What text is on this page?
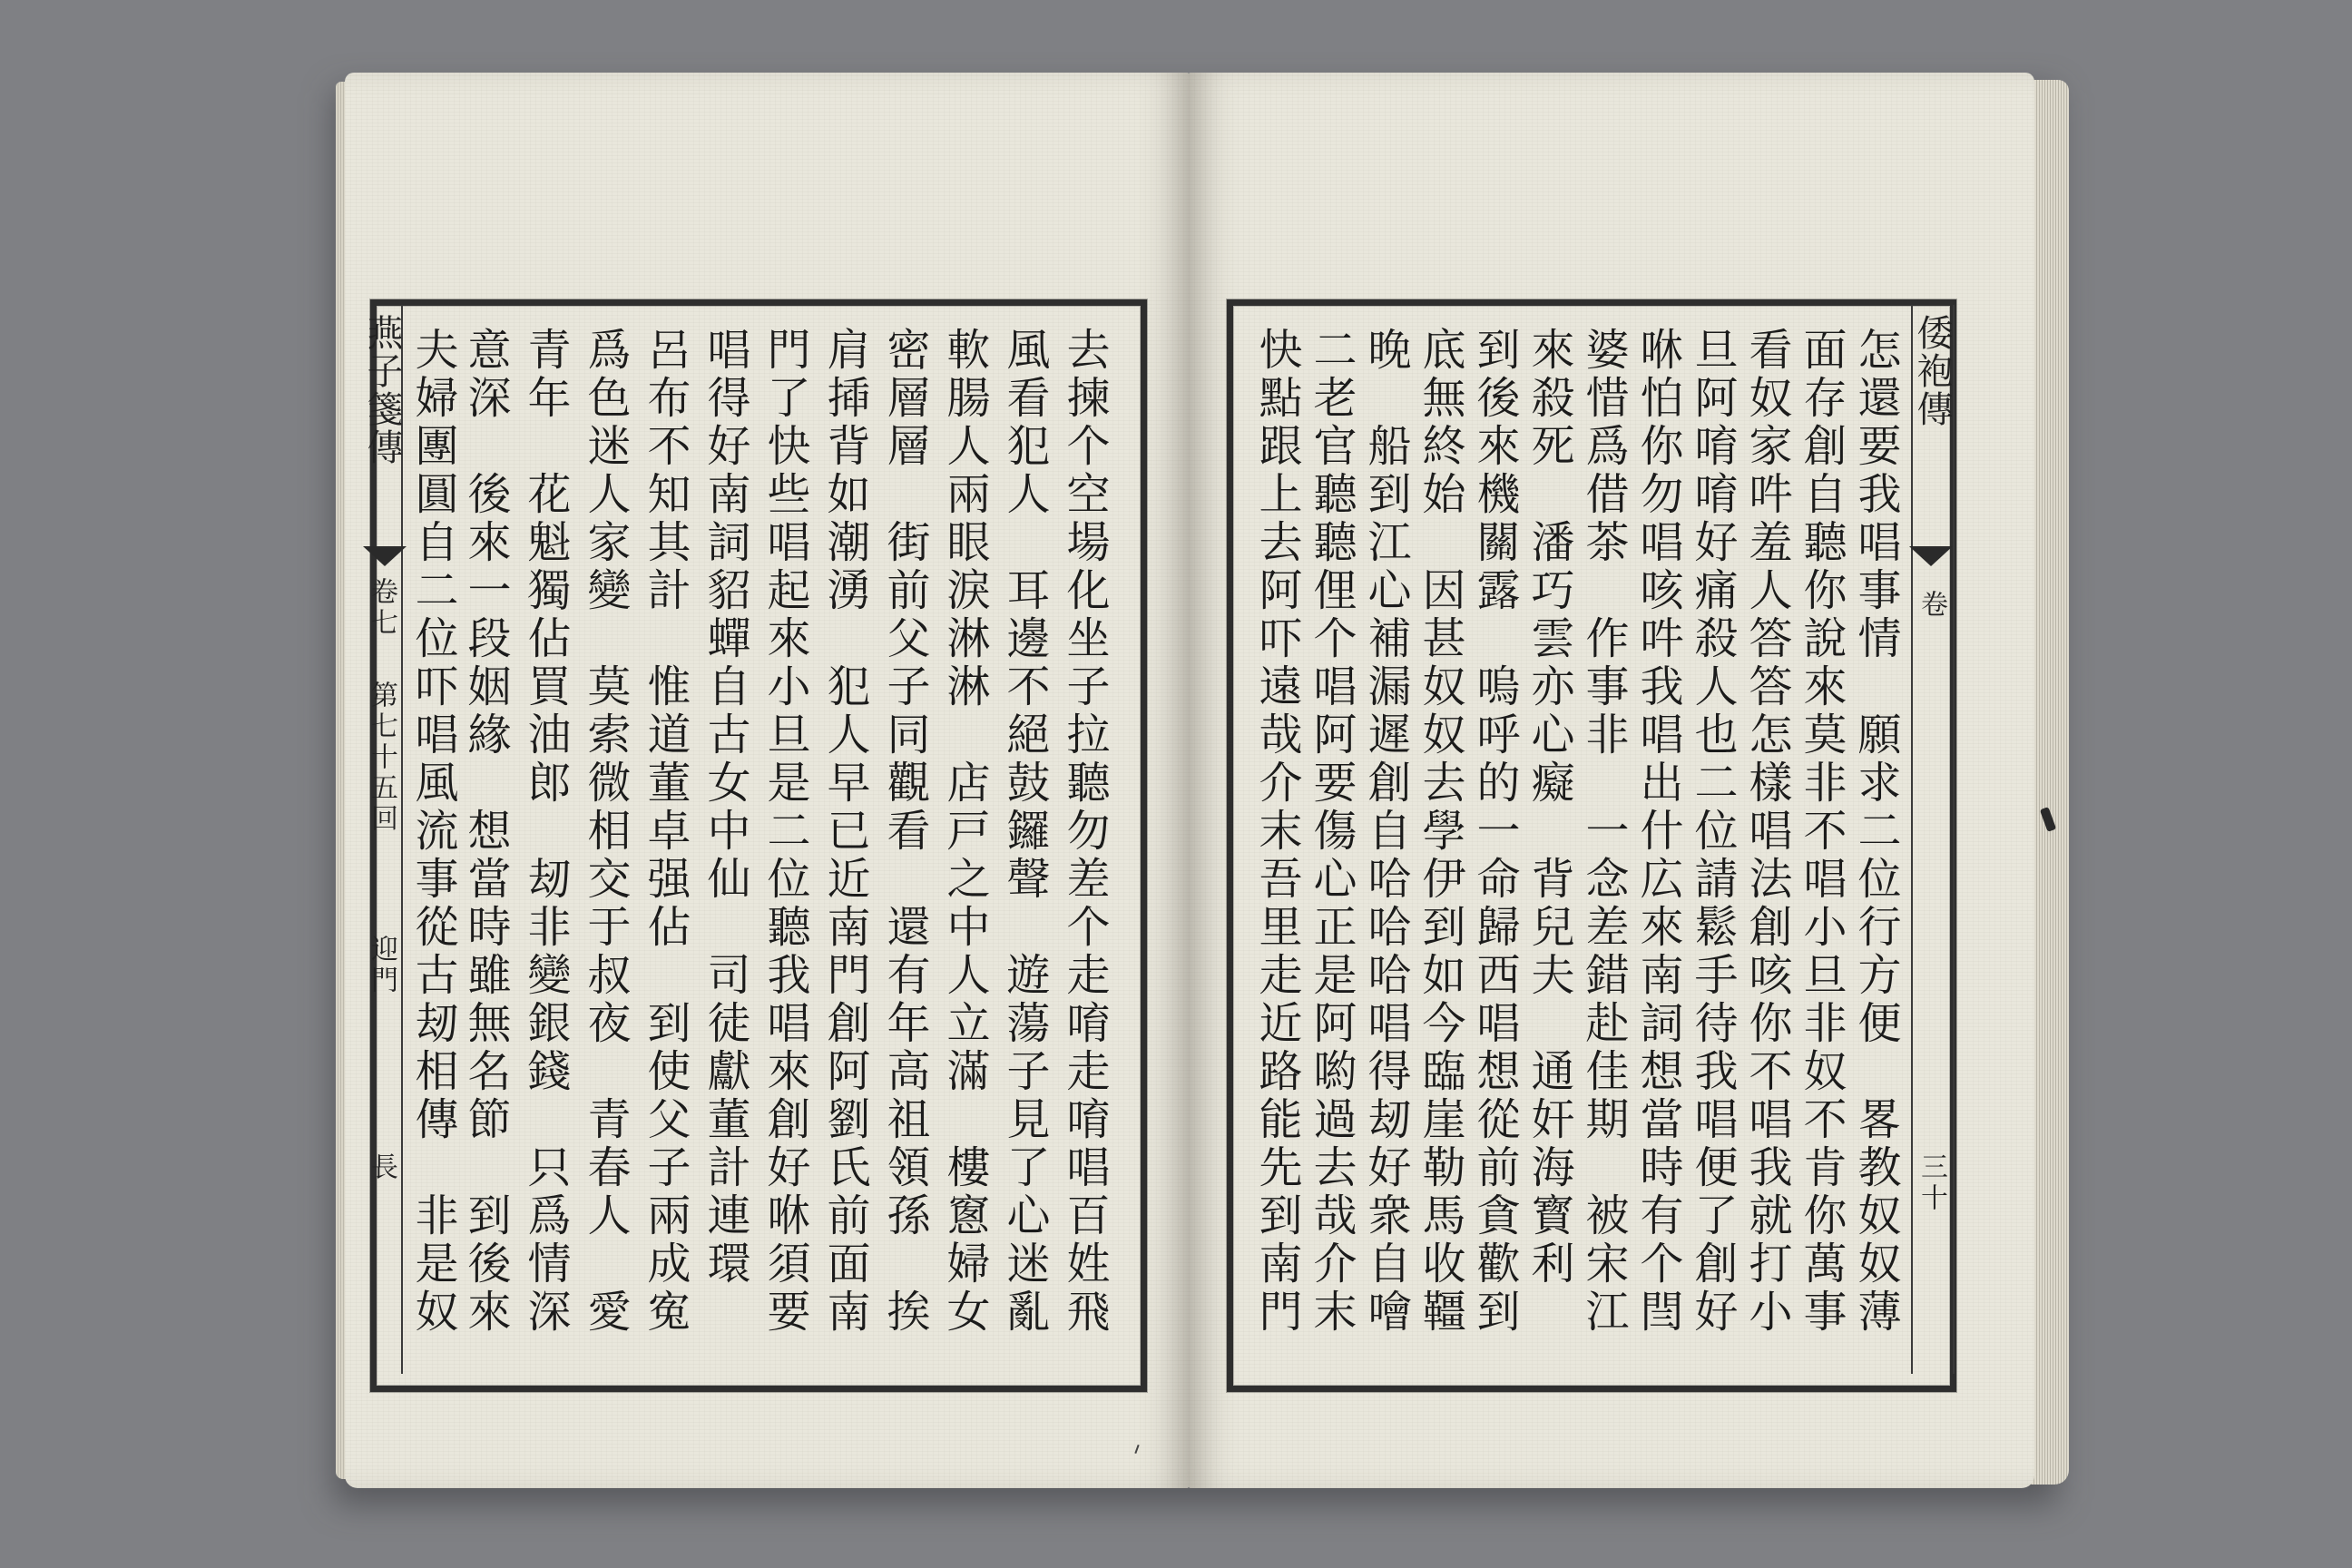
燕子箋傳
卷七
第七十五回
迎門
長	去揀个空場化坐子拉聽勿差个走唷走唷唱百姓飛
風看犯人　耳邊不絕鼓鑼聲　遊蕩子見了心迷亂
軟腸人兩眼淚淋淋　店戸之中人立滿　樓窻婦女
密層層　街前父子同觀看　還有年高祖領孫　挨
肩揷背如潮湧　犯人早已近南門創阿劉氏前面南
門了快些唱起來小旦是二位聽我唱來創好咻須要
唱得好南詞貂蟬自古女中仙　司徒獻董計連環
呂布不知其計　惟道董卓强佔　到使父子兩成寃
爲色迷人家變　莫索微相交于叔夜　青春人　愛
青年　花魁獨佔買油郎　刼非變銀錢　只爲情深
意深　後來一段姻緣　想當時雖無名節　到後來
夫婦團圓自二位吓唱風流事從古刼相傳　非是奴	倭袍傳
卷
三十
怎還要我唱事情　願求二位行方便　畧教奴奴薄
面存創自聽你說來莫非不唱小旦非奴不肯你萬事
看奴家吽羞人答答怎樣唱法創咳你不唱我就打小
旦阿唷唷好痛殺人也二位請鬆手待我唱便了創好
咻怕你勿唱咳吽我唱出什広來南詞想當時有个閆
婆惜爲借茶　作事非　一念差錯赴佳期　被宋江
來殺死　潘巧雲亦心癡　背兒夫　通奸海寳利
到後來機關露　嗚呼的一命歸西唱想從前貪歡到
底無終始　因甚奴奴去學伊到如今臨崖勒馬收韁
晚　船到江心補漏遲創自哈哈哈唱得刼好衆自噲
二老官聽聽俚个唱阿要傷心正是阿喲過去哉介末
快點跟上去阿吓遠哉介末吾里走近路能先到南門
